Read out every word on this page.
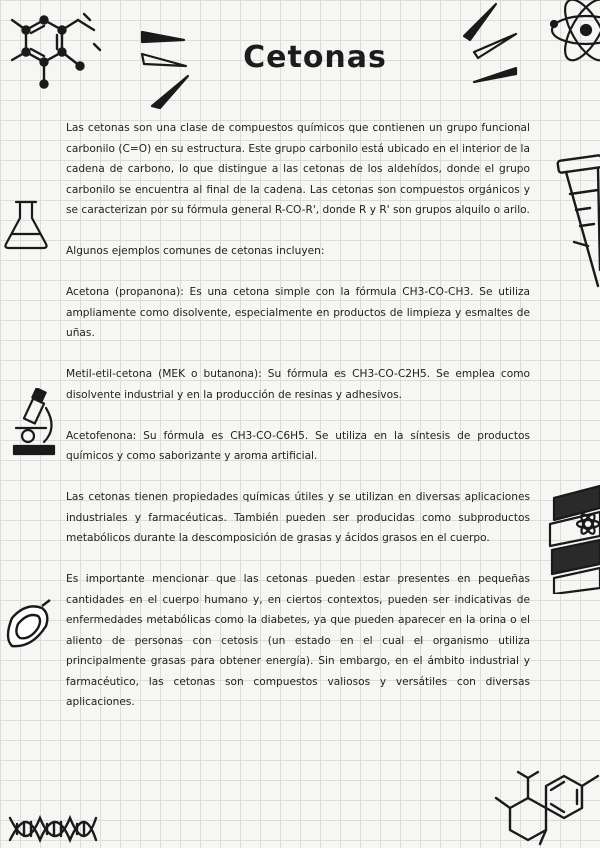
Cetonas

Las cetonas son una clase de compuestos químicos que contienen un grupo funcional carbonilo (C=O) en su estructura. Este grupo carbonilo está ubicado en el interior de la cadena de carbono, lo que distingue a las cetonas de los aldehídos, donde el grupo carbonilo se encuentra al final de la cadena. Las cetonas son compuestos orgánicos y se caracterizan por su fórmula general R-CO-R', donde R y R' son grupos alquilo o arilo.

Algunos ejemplos comunes de cetonas incluyen:

Acetona (propanona): Es una cetona simple con la fórmula CH3-CO-CH3. Se utiliza ampliamente como disolvente, especialmente en productos de limpieza y esmaltes de uñas.

Metil-etil-cetona (MEK o butanona): Su fórmula es CH3-CO-C2H5. Se emplea como disolvente industrial y en la producción de resinas y adhesivos.

Acetofenona: Su fórmula es CH3-CO-C6H5. Se utiliza en la síntesis de productos químicos y como saborizante y aroma artificial.

Las cetonas tienen propiedades químicas útiles y se utilizan en diversas aplicaciones industriales y farmacéuticas. También pueden ser producidas como subproductos metabólicos durante la descomposición de grasas y ácidos grasos en el cuerpo.

Es importante mencionar que las cetonas pueden estar presentes en pequeñas cantidades en el cuerpo humano y, en ciertos contextos, pueden ser indicativas de enfermedades metabólicas como la diabetes, ya que pueden aparecer en la orina o el aliento de personas con cetosis (un estado en el cual el organismo utiliza principalmente grasas para obtener energía). Sin embargo, en el ámbito industrial y farmacéutico, las cetonas son compuestos valiosos y versátiles con diversas aplicaciones.
